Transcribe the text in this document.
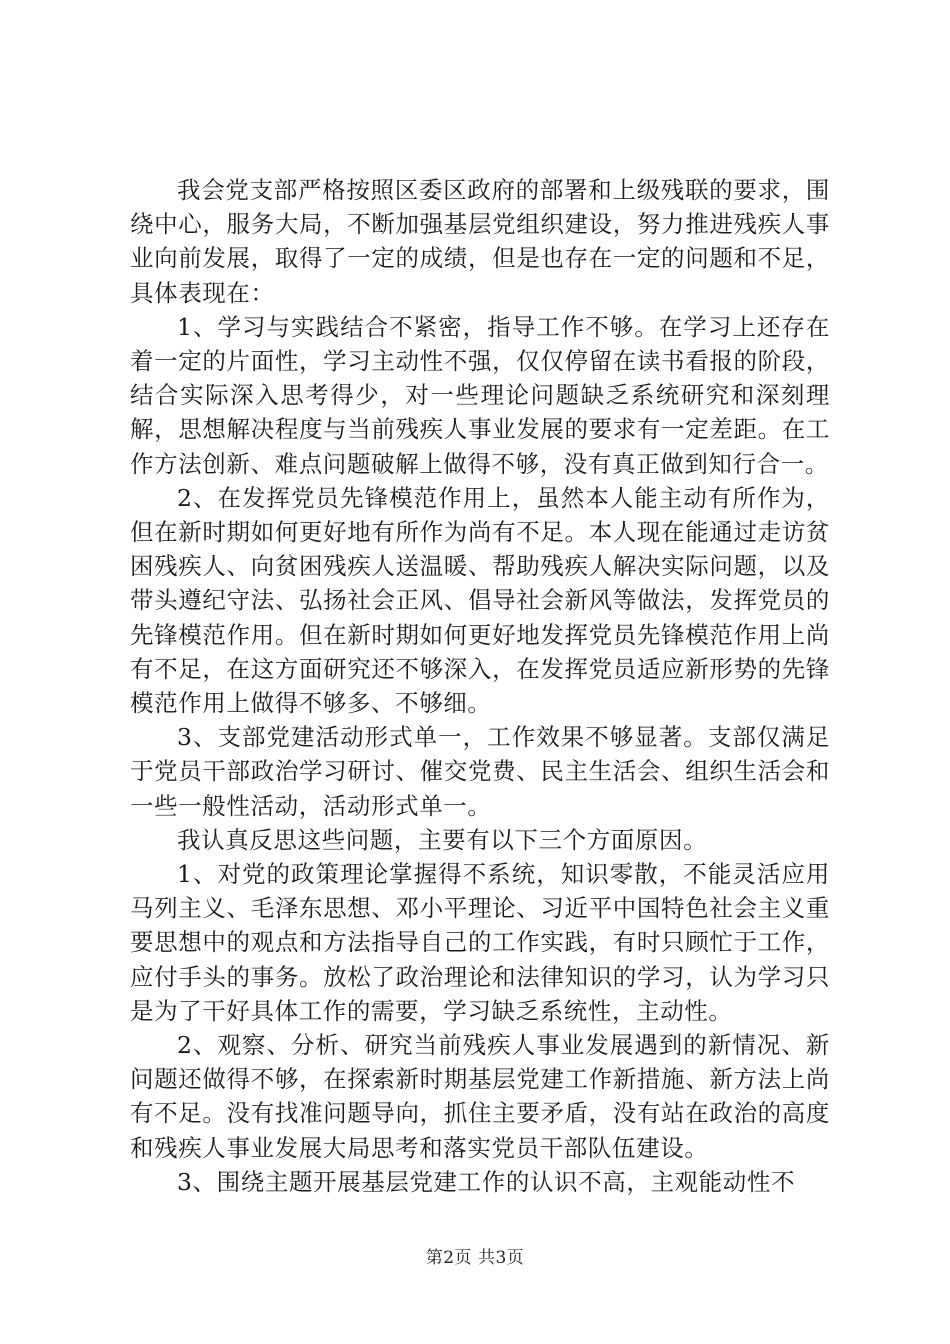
我会党支部严格按照区委区政府的部署和上级残联的要求，围绕中心，服务大局，不断加强基层党组织建设，努力推进残疾人事业向前发展，取得了一定的成绩，但是也存在一定的问题和不足，具体表现在：

1、学习与实践结合不紧密，指导工作不够。在学习上还存在着一定的片面性，学习主动性不强，仅仅停留在读书看报的阶段，结合实际深入思考得少，对一些理论问题缺乏系统研究和深刻理解，思想解决程度与当前残疾人事业发展的要求有一定差距。在工作方法创新、难点问题破解上做得不够，没有真正做到知行合一。

2、在发挥党员先锋模范作用上，虽然本人能主动有所作为，但在新时期如何更好地有所作为尚有不足。本人现在能通过走访贫困残疾人、向贫困残疾人送温暖、帮助残疾人解决实际问题，以及带头遵纪守法、弘扬社会正风、倡导社会新风等做法，发挥党员的先锋模范作用。但在新时期如何更好地发挥党员先锋模范作用上尚有不足，在这方面研究还不够深入，在发挥党员适应新形势的先锋模范作用上做得不够多、不够细。

3、支部党建活动形式单一，工作效果不够显著。支部仅满足于党员干部政治学习研讨、催交党费、民主生活会、组织生活会和一些一般性活动，活动形式单一。

我认真反思这些问题，主要有以下三个方面原因。

1、对党的政策理论掌握得不系统，知识零散，不能灵活应用马列主义、毛泽东思想、邓小平理论、习近平中国特色社会主义重要思想中的观点和方法指导自己的工作实践，有时只顾忙于工作，应付手头的事务。放松了政治理论和法律知识的学习，认为学习只是为了干好具体工作的需要，学习缺乏系统性，主动性。

2、观察、分析、研究当前残疾人事业发展遇到的新情况、新问题还做得不够，在探索新时期基层党建工作新措施、新方法上尚有不足。没有找准问题导向，抓住主要矛盾，没有站在政治的高度和残疾人事业发展大局思考和落实党员干部队伍建设。

3、围绕主题开展基层党建工作的认识不高，主观能动性不

第2页 共3页
